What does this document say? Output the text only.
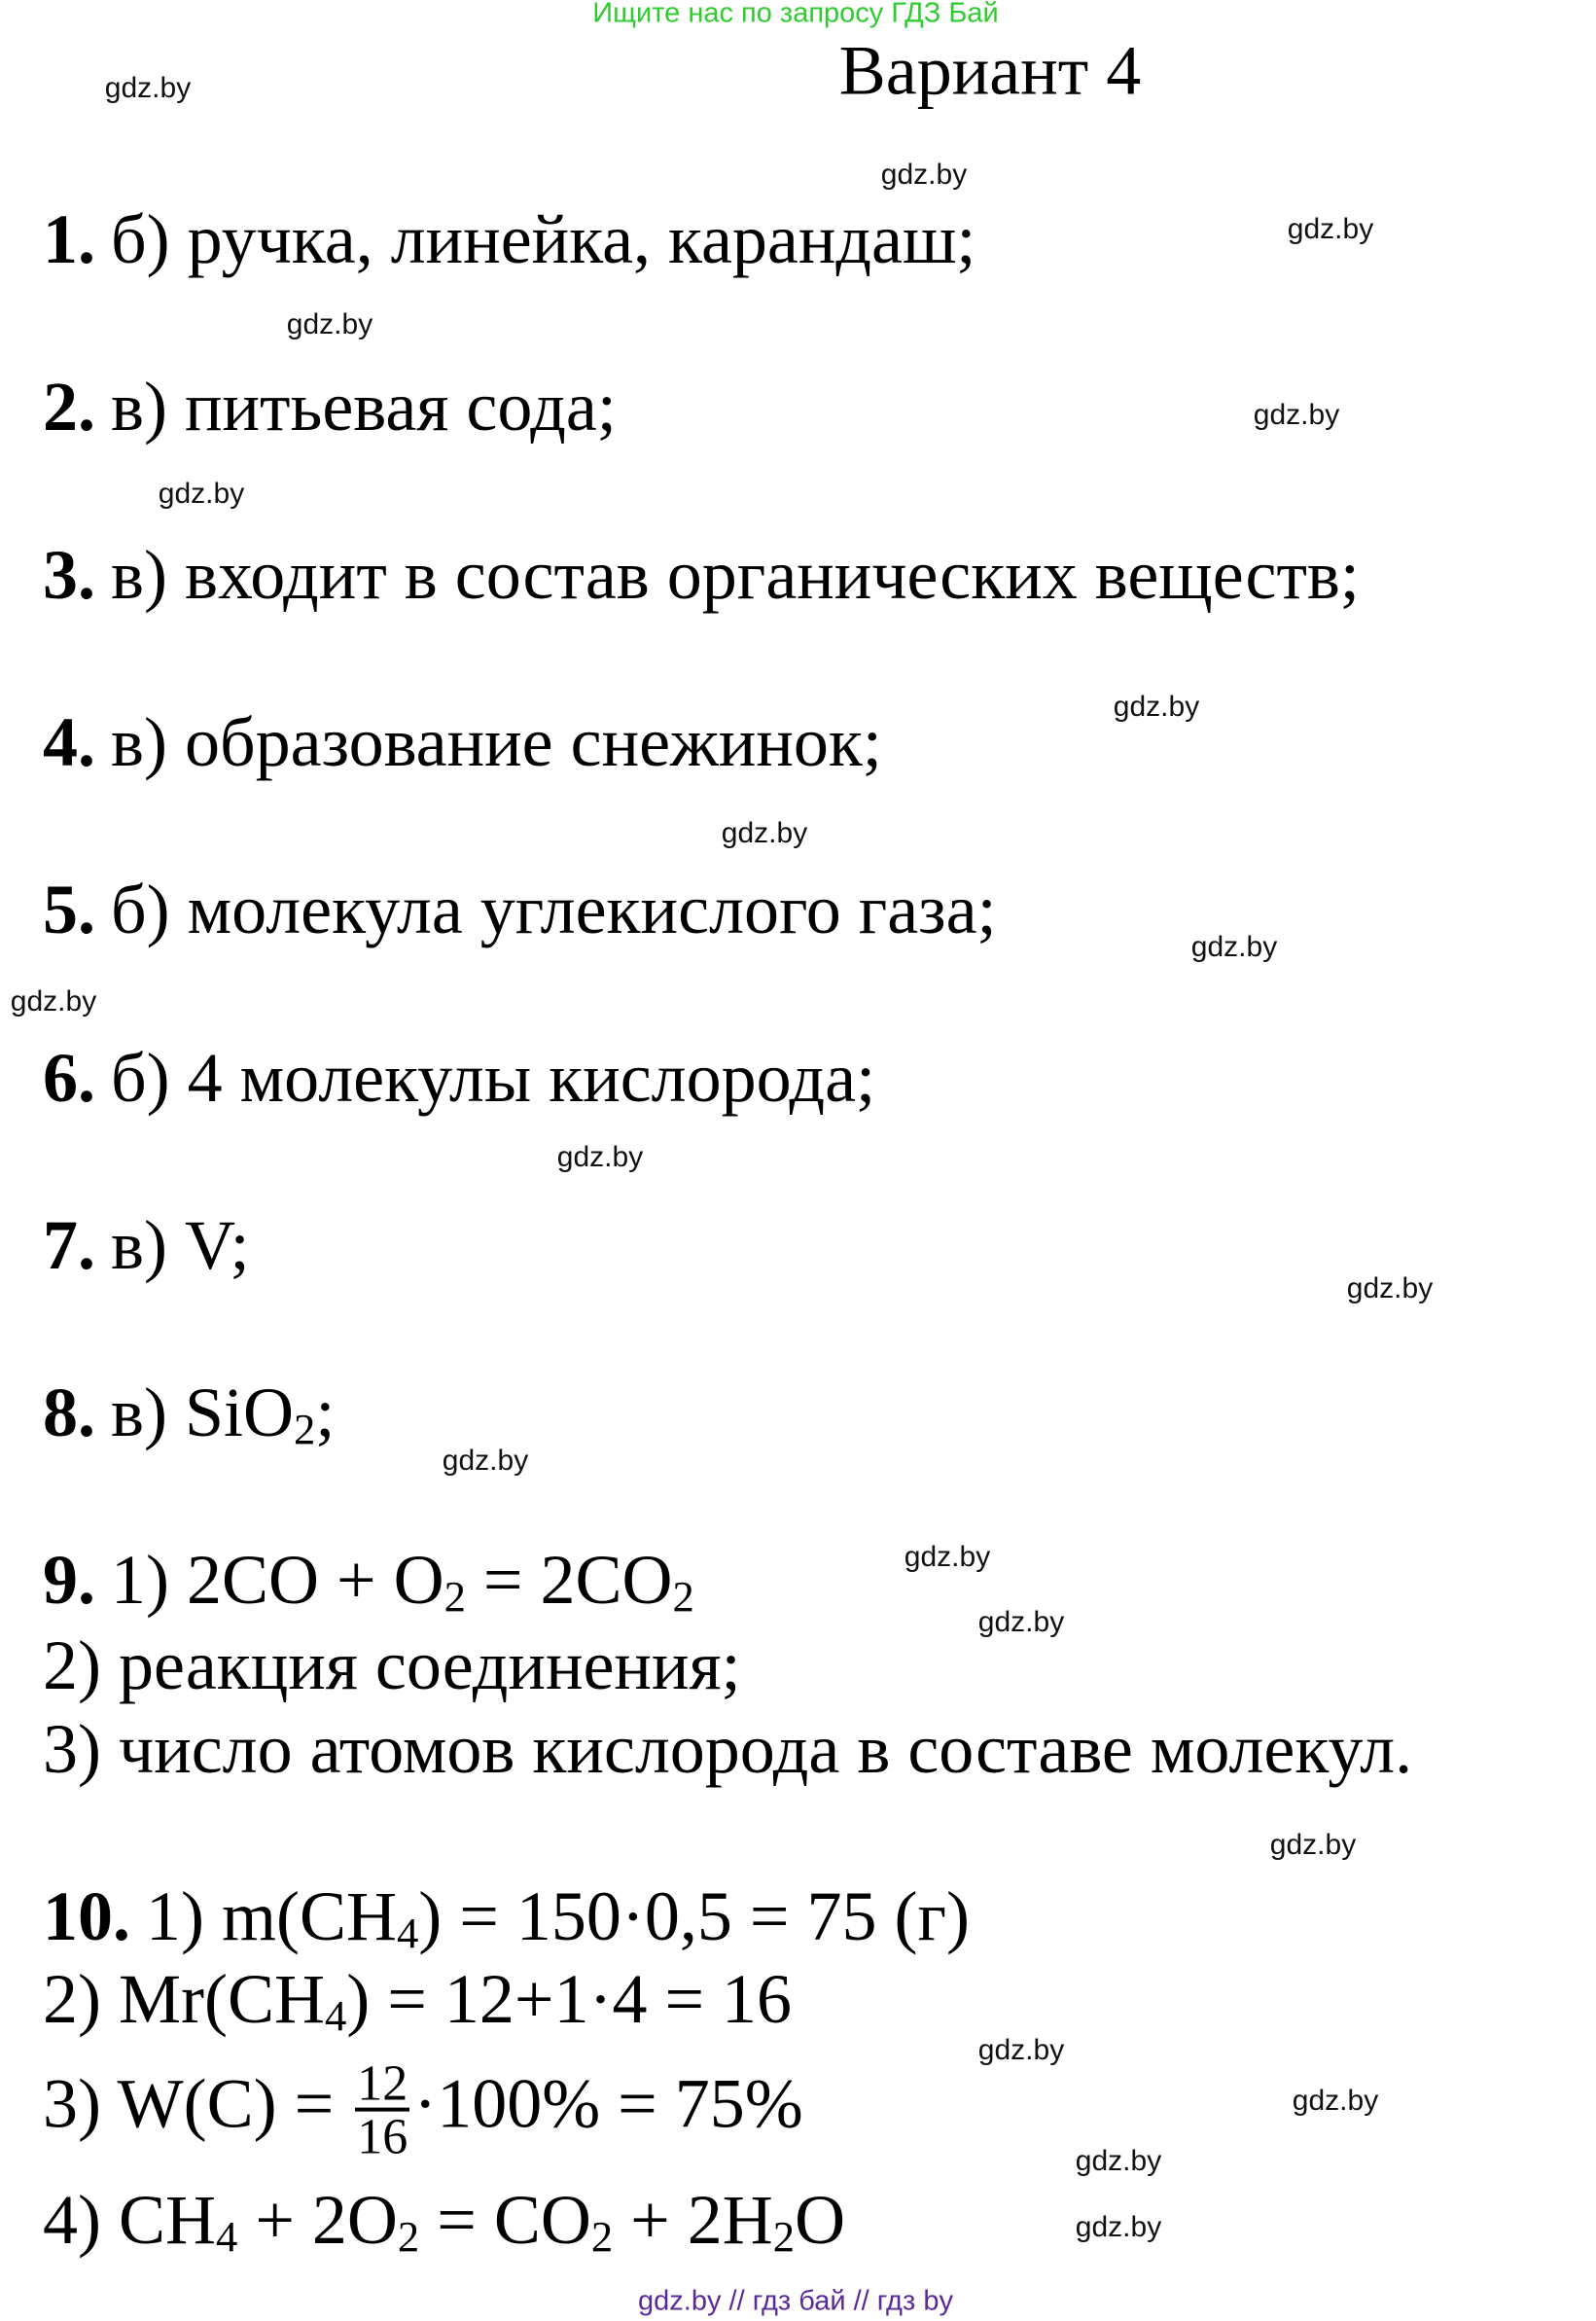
Ищите нас по запросу ГДЗ Бай
Вариант 4
1. б) ручка, линейка, карандаш;
2. в) питьевая сода;
3. в) входит в состав органических веществ;
4. в) образование снежинок;
5. б) молекула углекислого газа;
6. б) 4 молекулы кислорода;
7. в) V;
8. в) SiO$_2$;
9. 1) $2CO + O_2 = 2CO_2$
2) реакция соединения;
3) число атомов кислорода в составе молекул.
10. 1) $m(CH_4) = 150\cdot 0,5 = 75$ (г)
2) $Mr(CH_4) = 12+1\cdot 4 = 16$
3) $W(C) = \frac{12}{16} \cdot 100\% = 75\%$
4) $CH_4 + 2O_2 = CO_2 + 2H_2O$
gdz.by
gdz.by
gdz.by
gdz.by
gdz.by
gdz.by
gdz.by
gdz.by
gdz.by
gdz.by
gdz.by
gdz.by
gdz.by
gdz.by
gdz.by
gdz.by
gdz.by
gdz.by
gdz.by
gdz.by
gdz.by // гдз бай // гдз by
